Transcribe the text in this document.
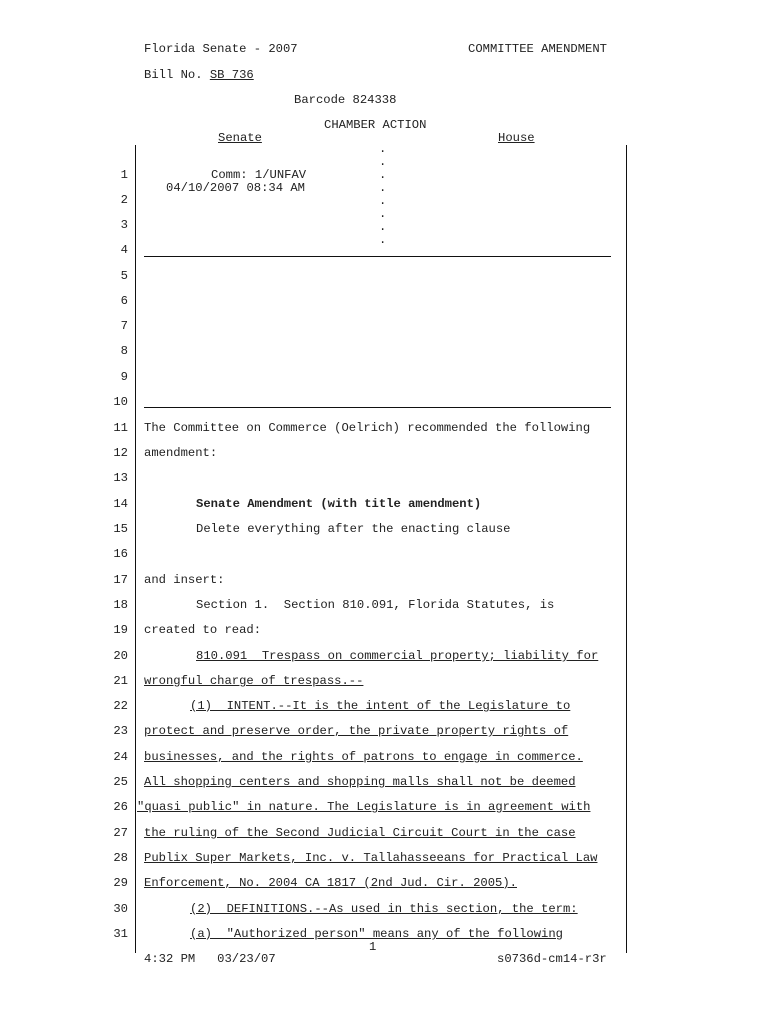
Florida Senate - 2007	COMMITTEE AMENDMENT
Bill No. SB 736
Barcode 824338
CHAMBER ACTION
Senate	House
.
.
.
.
.
.
.
.
Comm: 1/UNFAV
04/10/2007 08:34 AM
1
2
3
4
5
6
7
8
9
10
11
12
13
14
15
16
17
18
19
20
21
22
23
24
25
26
27
28
29
30
31
The Committee on Commerce (Oelrich) recommended the following
amendment:
Senate Amendment (with title amendment)
Delete everything after the enacting clause
and insert:
Section 1.  Section 810.091, Florida Statutes, is
created to read:
810.091  Trespass on commercial property; liability for
wrongful charge of trespass.--
(1)  INTENT.--It is the intent of the Legislature to
protect and preserve order, the private property rights of
businesses, and the rights of patrons to engage in commerce.
All shopping centers and shopping malls shall not be deemed
"quasi public" in nature. The Legislature is in agreement with
the ruling of the Second Judicial Circuit Court in the case
Publix Super Markets, Inc. v. Tallahasseeans for Practical Law
Enforcement, No. 2004 CA 1817 (2nd Jud. Cir. 2005).
(2)  DEFINITIONS.--As used in this section, the term:
(a)  "Authorized person" means any of the following
1
4:32 PM   03/23/07	s0736d-cm14-r3r
